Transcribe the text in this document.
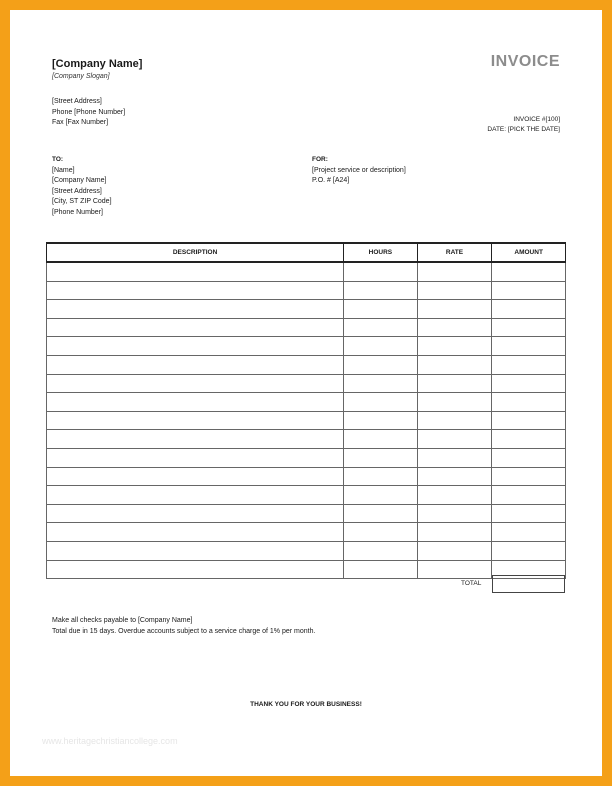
[Company Name]
[Company Slogan]
[Street Address]
Phone [Phone Number]
Fax [Fax Number]
INVOICE
INVOICE #[100]
DATE: [PICK THE DATE]
TO:
[Name]
[Company Name]
[Street Address]
[City, ST ZIP Code]
[Phone Number]
FOR:
[Project service or description]
P.O. # [A24]
DESCRIPTION	HOURS	RATE	AMOUNT

TOTAL
Make all checks payable to [Company Name]
Total due in 15 days. Overdue accounts subject to a service charge of 1% per month.
THANK YOU FOR YOUR BUSINESS!
www.heritagechristiancollege.com
